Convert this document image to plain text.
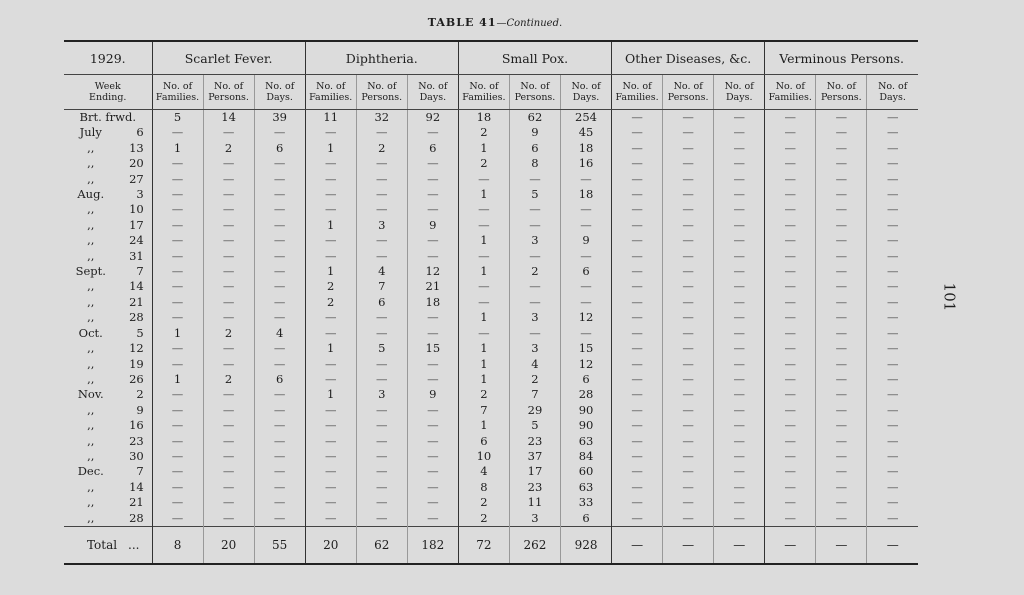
TABLE 41—Continued.
101
1929.	Scarlet Fever.			Diphtheria.			Small Pox.			Other Diseases, &c.			Verminous Persons.		
Week Ending.	No. of Families.	No. of Persons.	No. of Days.	No. of Families.	No. of Persons.	No. of Days.	No. of Families.	No. of Persons.	No. of Days.	No. of Families.	No. of Persons.	No. of Days.	No. of Families.	No. of Persons.	No. of Days.
Brt. frwd.	5	14	39	11	32	92	18	62	254	—	—	—	—	—	—
July 6	—	—	—	—	—	—	2	9	45	—	—	—	—	—	—
,, 13	1	2	6	1	2	6	1	6	18	—	—	—	—	—	—
,, 20	—	—	—	—	—	—	2	8	16	—	—	—	—	—	—
,, 27	—	—	—	—	—	—	—	—	—	—	—	—	—	—	—
Aug. 3	—	—	—	—	—	—	1	5	18	—	—	—	—	—	—
,, 10	—	—	—	—	—	—	—	—	—	—	—	—	—	—	—
,, 17	—	—	—	1	3	9	—	—	—	—	—	—	—	—	—
,, 24	—	—	—	—	—	—	1	3	9	—	—	—	—	—	—
,, 31	—	—	—	—	—	—	—	—	—	—	—	—	—	—	—
Sept. 7	—	—	—	1	4	12	1	2	6	—	—	—	—	—	—
,, 14	—	—	—	2	7	21	—	—	—	—	—	—	—	—	—
,, 21	—	—	—	2	6	18	—	—	—	—	—	—	—	—	—
,, 28	—	—	—	—	—	—	1	3	12	—	—	—	—	—	—
Oct. 5	1	2	4	—	—	—	—	—	—	—	—	—	—	—	—
,, 12	—	—	—	1	5	15	1	3	15	—	—	—	—	—	—
,, 19	—	—	—	—	—	—	1	4	12	—	—	—	—	—	—
,, 26	1	2	6	—	—	—	1	2	6	—	—	—	—	—	—
Nov. 2	—	—	—	1	3	9	2	7	28	—	—	—	—	—	—
,, 9	—	—	—	—	—	—	7	29	90	—	—	—	—	—	—
,, 16	—	—	—	—	—	—	1	5	90	—	—	—	—	—	—
,, 23	—	—	—	—	—	—	6	23	63	—	—	—	—	—	—
,, 30	—	—	—	—	—	—	10	37	84	—	—	—	—	—	—
Dec. 7	—	—	—	—	—	—	4	17	60	—	—	—	—	—	—
,, 14	—	—	—	—	—	—	8	23	63	—	—	—	—	—	—
,, 21	—	—	—	—	—	—	2	11	33	—	—	—	—	—	—
,, 28	—	—	—	—	—	—	2	3	6	—	—	—	—	—	—
Total ...	8	20	55	20	62	182	72	262	928	—	—	—	—	—	—
